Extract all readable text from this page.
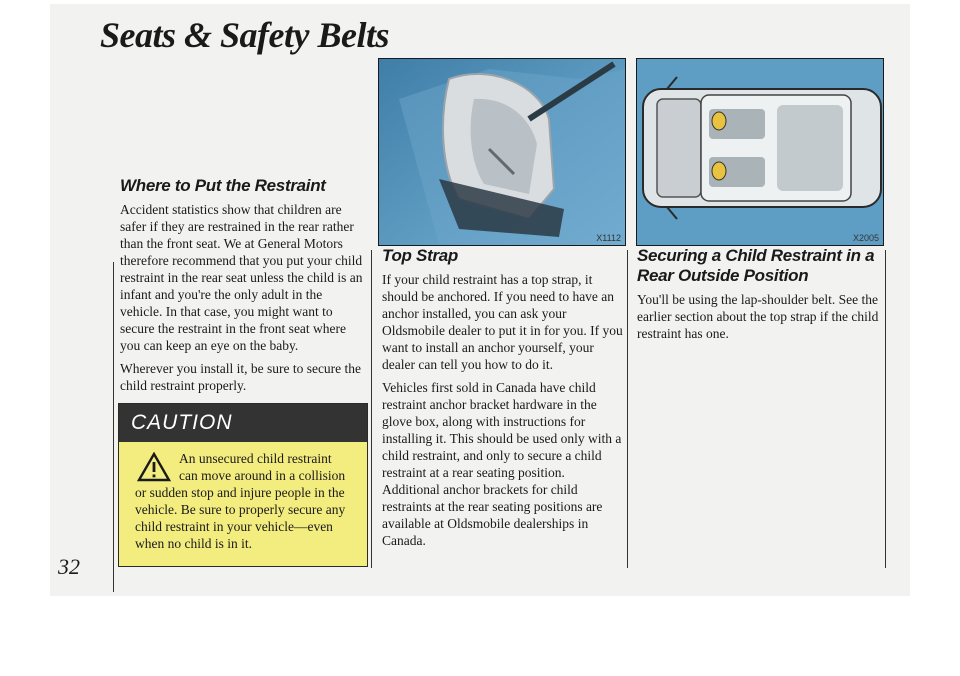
Seats & Safety Belts
32
Where to Put the Restraint

Accident statistics show that children are safer if they are restrained in the rear rather than the front seat. We at General Motors therefore recommend that you put your child restraint in the rear seat unless the child is an infant and you're the only adult in the vehicle. In that case, you might want to secure the restraint in the front seat where you can keep an eye on the baby.

Wherever you install it, be sure to secure the child restraint properly.

CAUTION
An unsecured child restraint can move around in a collision or sudden stop and injure people in the vehicle. Be sure to properly secure any child restraint in your vehicle—even when no child is in it.
X1112
Top Strap

If your child restraint has a top strap, it should be anchored. If you need to have an anchor installed, you can ask your Oldsmobile dealer to put it in for you. If you want to install an anchor yourself, your dealer can tell you how to do it.

Vehicles first sold in Canada have child restraint anchor bracket hardware in the glove box, along with instructions for installing it. This should be used only with a child restraint, and only to secure a child restraint at a rear seating position. Additional anchor brackets for child restraints at the rear seating positions are available at Oldsmobile dealerships in Canada.

X2005
Securing a Child Restraint in a Rear Outside Position

You'll be using the lap-shoulder belt. See the earlier section about the top strap if the child restraint has one.
